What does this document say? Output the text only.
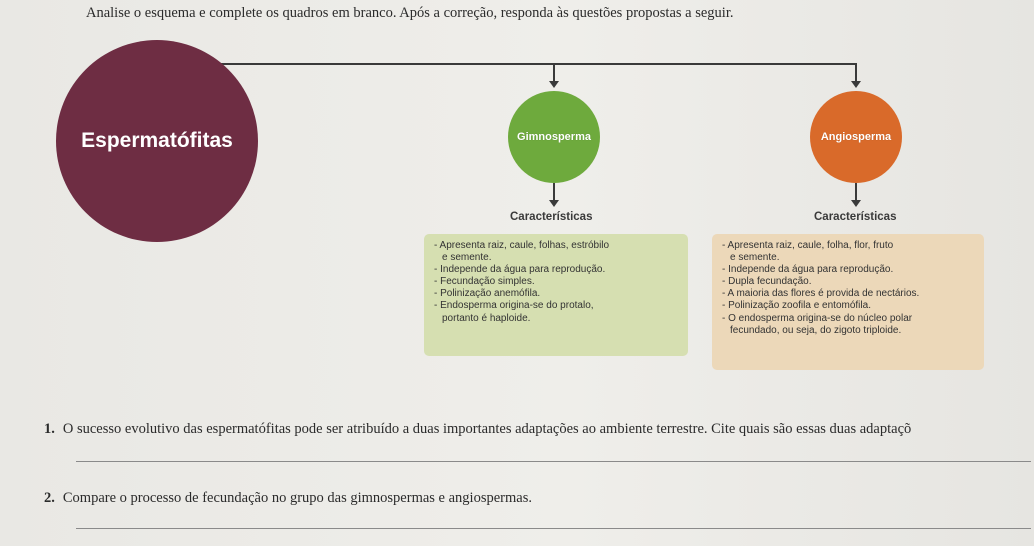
Analise o esquema e complete os quadros em branco. Após a correção, responda às questões propostas a seguir.
Espermatófitas	Gimnosperma	Angiosperma
Características	Características
- Apresenta raiz, caule, folhas, estróbilo
e semente.
- Independe da água para reprodução.
- Fecundação simples.
- Polinização anemófila.
- Endosperma origina-se do protalo,
portanto é haploide.
- Apresenta raiz, caule, folha, flor, fruto
e semente.
- Independe da água para reprodução.
- Dupla fecundação.
- A maioria das flores é provida de nectários.
- Polinização zoofila e entomófila.
- O endosperma origina-se do núcleo polar
fecundado, ou seja, do zigoto triploide.
1. O sucesso evolutivo das espermatófitas pode ser atribuído a duas importantes adaptações ao ambiente terrestre. Cite quais são essas duas adaptaçõ
2. Compare o processo de fecundação no grupo das gimnospermas e angiospermas.
